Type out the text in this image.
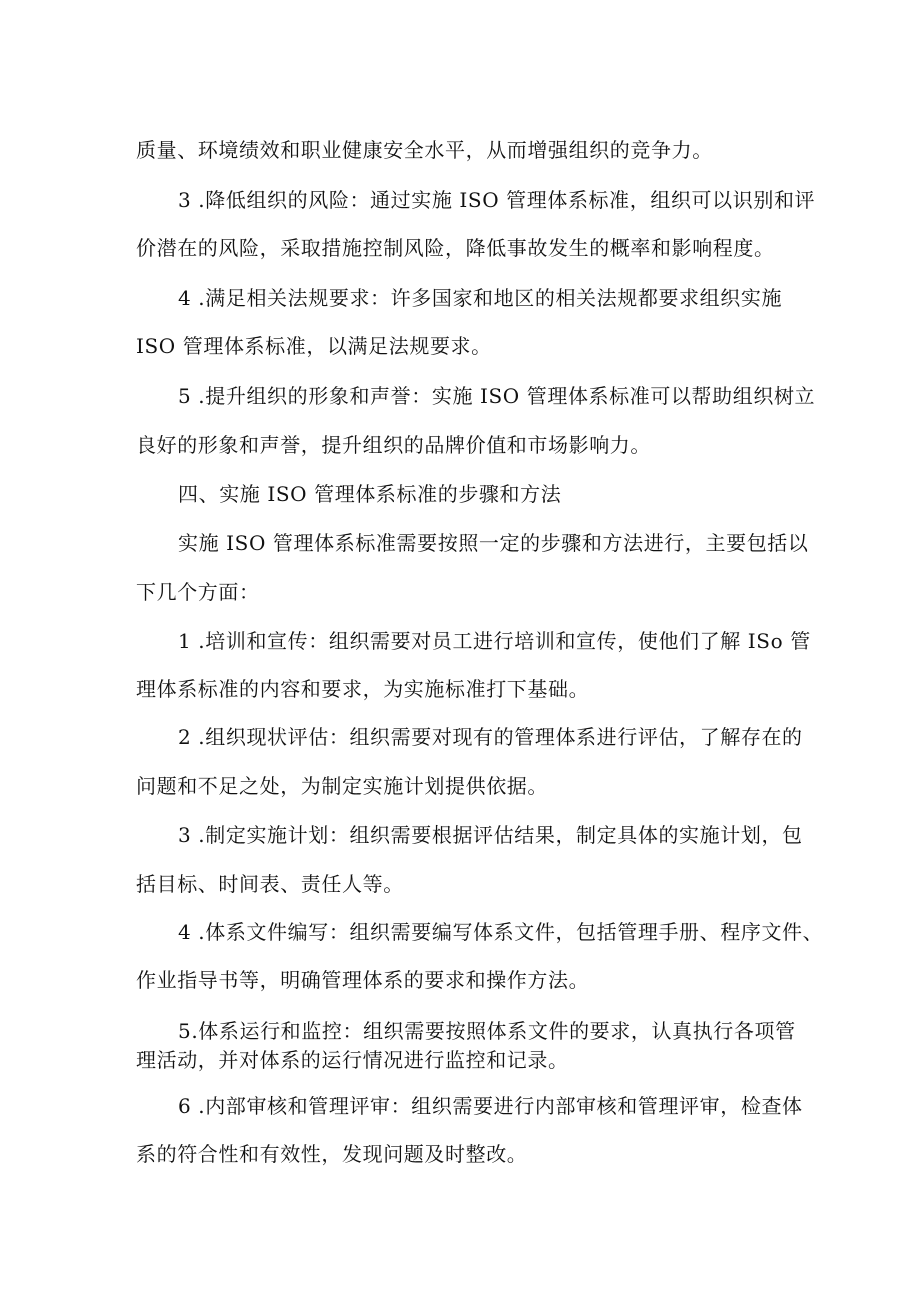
质量、环境绩效和职业健康安全水平，从而增强组织的竞争力。
3 .降低组织的风险：通过实施 ISO 管理体系标准，组织可以识别和评
价潜在的风险，采取措施控制风险，降低事故发生的概率和影响程度。
4 .满足相关法规要求：许多国家和地区的相关法规都要求组织实施
ISO 管理体系标准，以满足法规要求。
5 .提升组织的形象和声誉：实施 ISO 管理体系标准可以帮助组织树立
良好的形象和声誉，提升组织的品牌价值和市场影响力。
四、实施 ISO 管理体系标准的步骤和方法
实施 ISO 管理体系标准需要按照一定的步骤和方法进行，主要包括以
下几个方面：
1 .培训和宣传：组织需要对员工进行培训和宣传，使他们了解 ISo 管
理体系标准的内容和要求，为实施标准打下基础。
2 .组织现状评估：组织需要对现有的管理体系进行评估，了解存在的
问题和不足之处，为制定实施计划提供依据。
3 .制定实施计划：组织需要根据评估结果，制定具体的实施计划，包
括目标、时间表、责任人等。
4 .体系文件编写：组织需要编写体系文件，包括管理手册、程序文件、
作业指导书等，明确管理体系的要求和操作方法。
5.体系运行和监控：组织需要按照体系文件的要求，认真执行各项管
理活动，并对体系的运行情况进行监控和记录。
6 .内部审核和管理评审：组织需要进行内部审核和管理评审，检查体
系的符合性和有效性，发现问题及时整改。
